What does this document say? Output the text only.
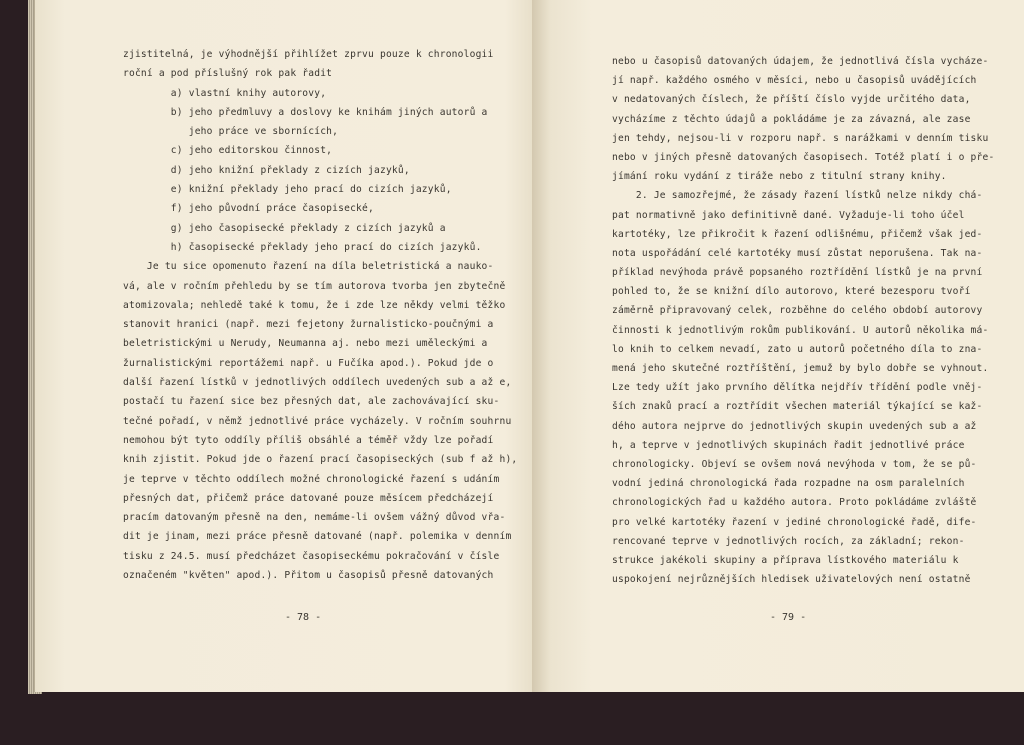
zjistitelná, je výhodnější přihlížet zprvu pouze k chronologii
roční a pod příslušný rok pak řadit
a) vlastní knihy autorovy,
b) jeho předmluvy a doslovy ke knihám jiných autorů a
jeho práce ve sbornících,
c) jeho editorskou činnost,
d) jeho knižní překlady z cizích jazyků,
e) knižní překlady jeho prací do cizích jazyků,
f) jeho původní práce časopisecké,
g) jeho časopisecké překlady z cizích jazyků a
h) časopisecké překlady jeho prací do cizích jazyků.
Je tu sice opomenuto řazení na díla beletristická a nauko-
vá, ale v ročním přehledu by se tím autorova tvorba jen zbytečně
atomizovala; nehledě také k tomu, že i zde lze někdy velmi těžko
stanovit hranici (např. mezi fejetony žurnalisticko-poučnými a
beletristickými u Nerudy, Neumanna aj. nebo mezi uměleckými a
žurnalistickými reportážemi např. u Fučíka apod.). Pokud jde o
další řazení lístků v jednotlivých oddílech uvedených sub a až e,
postačí tu řazení sice bez přesných dat, ale zachovávající sku-
tečné pořadí, v němž jednotlivé práce vycházely. V ročním souhrnu
nemohou být tyto oddíly příliš obsáhlé a téměř vždy lze pořadí
knih zjistit. Pokud jde o řazení prací časopiseckých (sub f až h),
je teprve v těchto oddílech možné chronologické řazení s udáním
přesných dat, přičemž práce datované pouze měsícem předcházejí
pracím datovaným přesně na den, nemáme-li ovšem vážný důvod vřa-
dit je jinam, mezi práce přesně datované (např. polemika v denním
tisku z 24.5. musí předcházet časopiseckému pokračování v čísle
označeném "květen" apod.). Přitom u časopisů přesně datovaných
- 78 -
nebo u časopisů datovaných údajem, že jednotlivá čísla vycháze-
jí např. každého osmého v měsíci, nebo u časopisů uvádějících
v nedatovaných číslech, že příští číslo vyjde určitého data,
vycházíme z těchto údajů a pokládáme je za závazná, ale zase
jen tehdy, nejsou-li v rozporu např. s narážkami v denním tisku
nebo v jiných přesně datovaných časopisech. Totéž platí i o pře-
jímání roku vydání z tiráže nebo z titulní strany knihy.
2. Je samozřejmé, že zásady řazení lístků nelze nikdy chá-
pat normativně jako definitivně dané. Vyžaduje-li toho účel
kartotéky, lze přikročit k řazení odlišnému, přičemž však jed-
nota uspořádání celé kartotéky musí zůstat neporušena. Tak na-
příklad nevýhoda právě popsaného roztřídění lístků je na první
pohled to, že se knižní dílo autorovo, které bezesporu tvoří
záměrně připravovaný celek, rozběhne do celého období autorovy
činnosti k jednotlivým rokům publikování. U autorů několika má-
lo knih to celkem nevadí, zato u autorů početného díla to zna-
mená jeho skutečné roztříštění, jemuž by bylo dobře se vyhnout.
Lze tedy užít jako prvního dělítka nejdřív třídění podle vněj-
ších znaků prací a roztřídit všechen materiál týkající se kaž-
dého autora nejprve do jednotlivých skupin uvedených sub a až
h, a teprve v jednotlivých skupinách řadit jednotlivé práce
chronologicky. Objeví se ovšem nová nevýhoda v tom, že se pů-
vodní jediná chronologická řada rozpadne na osm paralelních
chronologických řad u každého autora. Proto pokládáme zvláště
pro velké kartotéky řazení v jediné chronologické řadě, dife-
rencované teprve v jednotlivých rocích, za základní; rekon-
strukce jakékoli skupiny a příprava lístkového materiálu k
uspokojení nejrůznějších hledisek uživatelových není ostatně
- 79 -
